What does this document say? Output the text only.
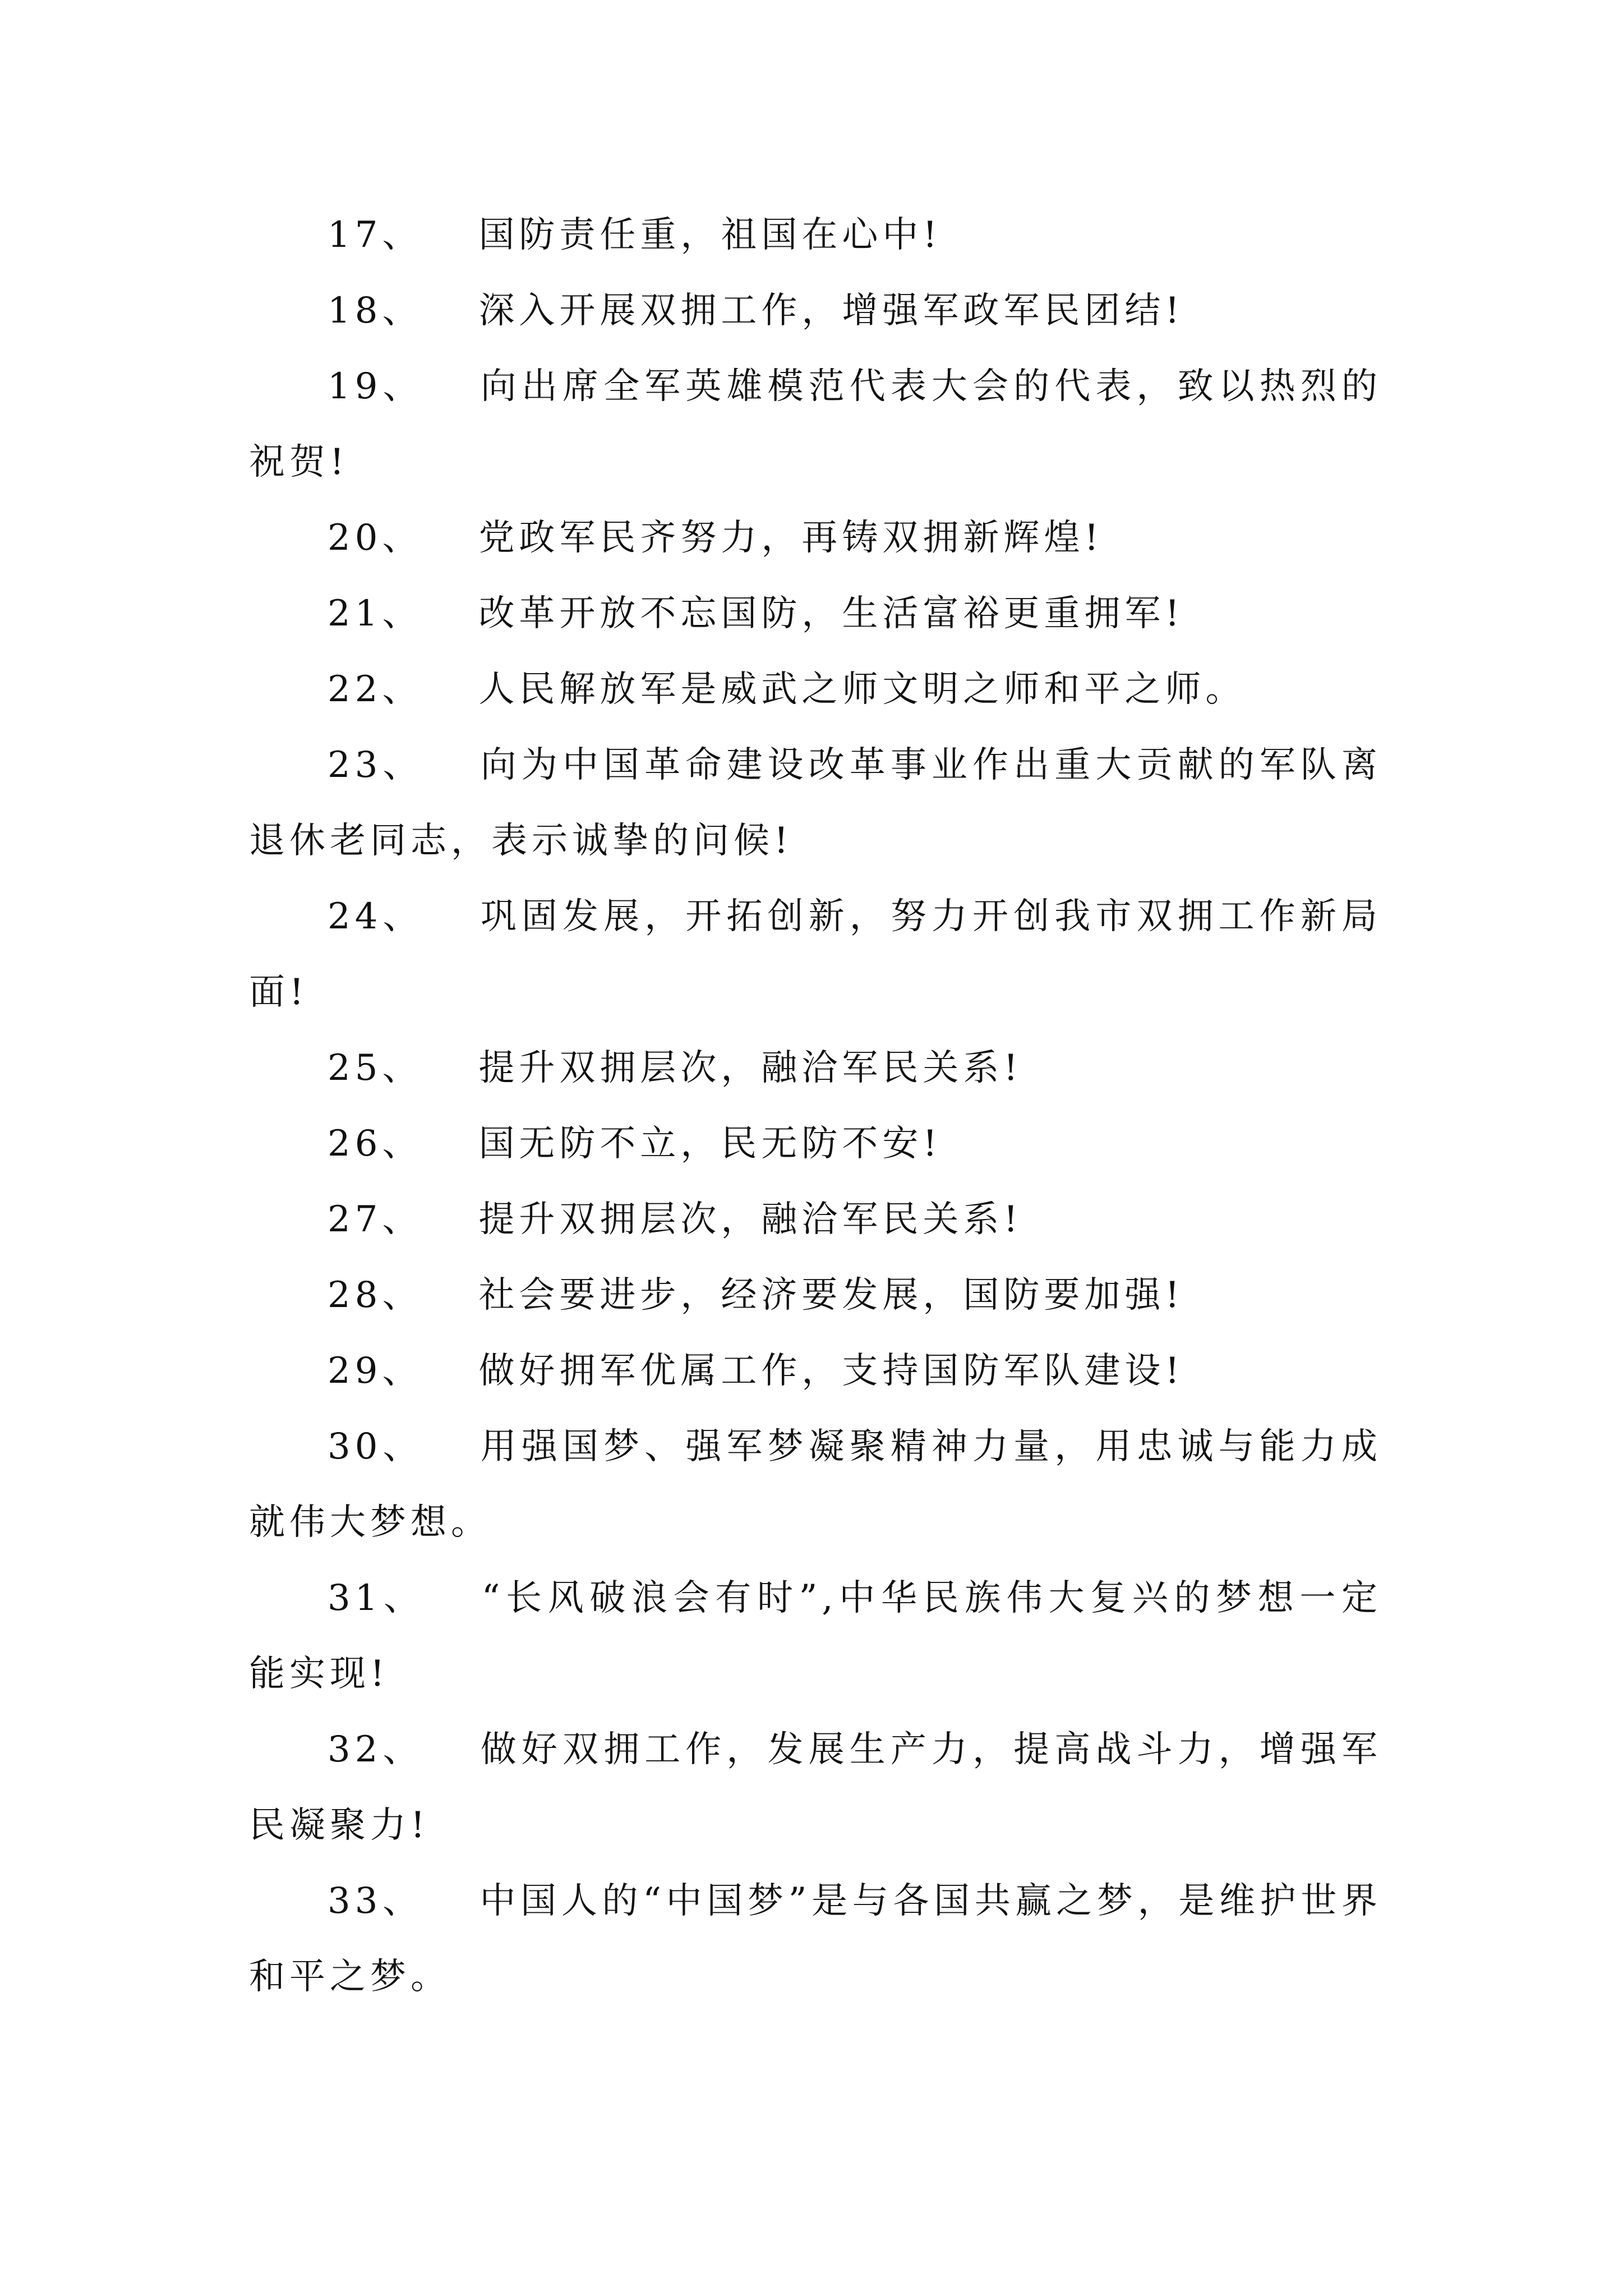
17、 国防责任重，祖国在心中!

18、 深入开展双拥工作，增强军政军民团结!

19、 向出席全军英雄模范代表大会的代表，致以热烈的祝贺!

20、 党政军民齐努力，再铸双拥新辉煌!

21、 改革开放不忘国防，生活富裕更重拥军!

22、 人民解放军是威武之师文明之师和平之师。

23、 向为中国革命建设改革事业作出重大贡献的军队离退休老同志，表示诚挚的问候!

24、 巩固发展，开拓创新，努力开创我市双拥工作新局面!

25、 提升双拥层次，融洽军民关系!

26、 国无防不立，民无防不安!

27、 提升双拥层次，融洽军民关系!

28、 社会要进步，经济要发展，国防要加强!

29、 做好拥军优属工作，支持国防军队建设!

30、 用强国梦、强军梦凝聚精神力量，用忠诚与能力成就伟大梦想。

31、 “长风破浪会有时”,中华民族伟大复兴的梦想一定能实现!

32、 做好双拥工作，发展生产力，提高战斗力，增强军民凝聚力!

33、 中国人的“中国梦”是与各国共赢之梦，是维护世界和平之梦。
